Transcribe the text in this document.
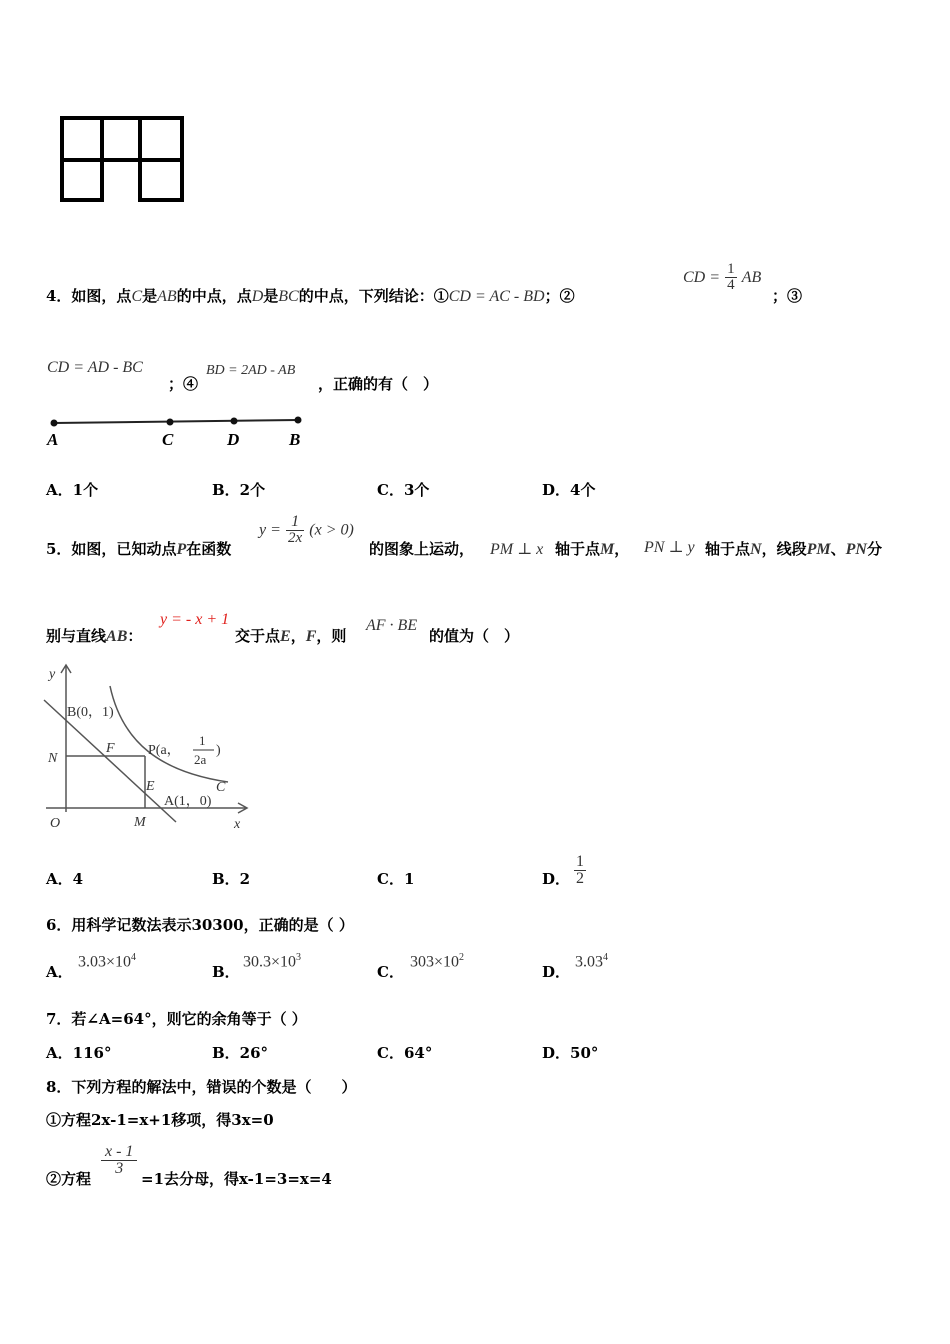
4．如图，点C是AB的中点，点D是BC的中点，下列结论：①CD = AC - BD；②
CD = $\frac{1}{4}$ AB
；③
CD = AD - BC
；④
BD = 2AD - AB
，正确的有（　）
A	C	D	B
A．1个	B．2个	C．3个	D．4个
5．如图，已知动点P在函数
$y = \frac{1}{2x} (x > 0)$
的图象上运动， PM ⊥ x 轴于点M， PN ⊥ y 轴于点N，线段PM、PN分
别与直线AB：
y = - x + 1
交于点E，F，则
AF · BE
的值为（　）
y
x
O
B(0，1)
N
F P(a，
1
2a
)
E
A(1，0)
C
M
A．4	B．2	C．1	D． $\frac{1}{2}$
6．用科学记数法表示30300，正确的是（ ）
A．
$3.03\times 10^4$
B．
$30.3\times 10^3$
C．
$303\times 10^2$
D．
3.03$^4$
7．若∠A=64°，则它的余角等于（ ）
A．116°	B．26°	C．64°	D．50°
8．下列方程的解法中，错误的个数是（　　）
①方程2x-1=x+1移项，得3x=0
②方程
$\frac{x - 1}{3}$
=1去分母，得x-1=3=x=4
